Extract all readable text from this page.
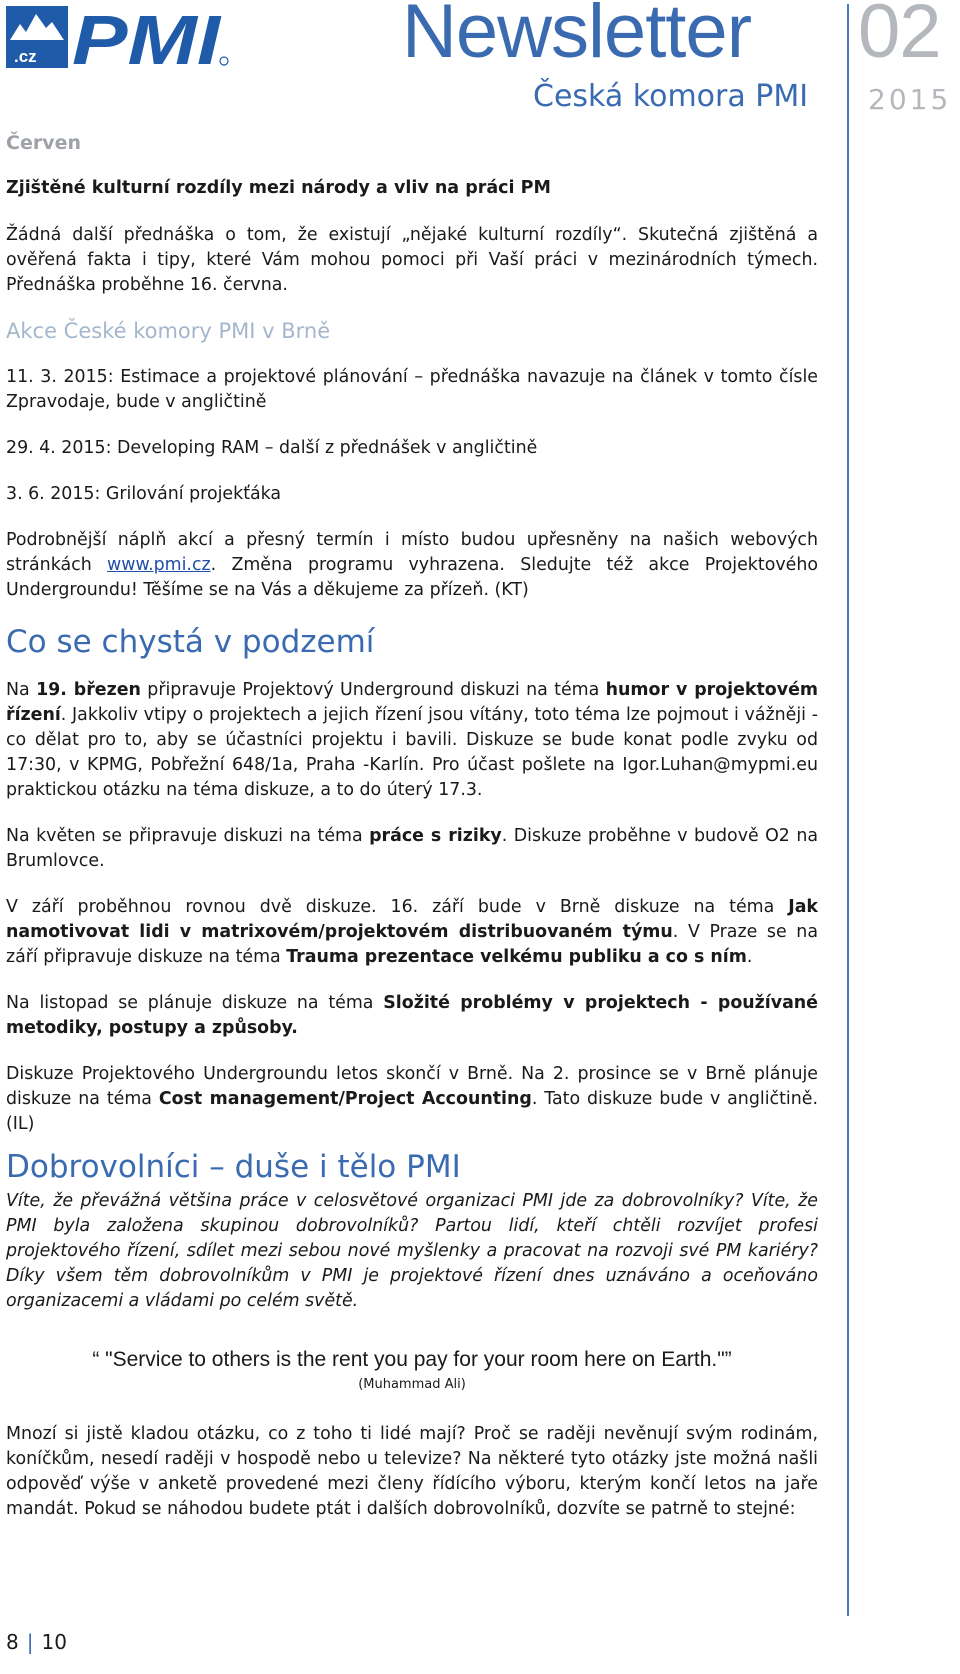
.cz PMI Newsletter 02
Česká komora PMI 2015
Červen
Zjištěné kulturní rozdíly mezi národy a vliv na práci PM

Žádná další přednáška o tom, že existují „nějaké kulturní rozdíly“. Skutečná zjištěná a ověřená fakta i tipy, které Vám mohou pomoci při Vaší práci v mezinárodních týmech. Přednáška proběhne 16. června.

Akce České komory PMI v Brně

11. 3. 2015: Estimace a projektové plánování – přednáška navazuje na článek v tomto čísle Zpravodaje, bude v angličtině

29. 4. 2015: Developing RAM – další z přednášek v angličtině

3. 6. 2015: Grilování projekťáka

Podrobnější náplň akcí a přesný termín i místo budou upřesněny na našich webových stránkách www.pmi.cz. Změna programu vyhrazena. Sledujte též akce Projektového Undergroundu! Těšíme se na Vás a děkujeme za přízeň. (KT)

Co se chystá v podzemí

Na 19. březen připravuje Projektový Underground diskuzi na téma humor v projektovém řízení. Jakkoliv vtipy o projektech a jejich řízení jsou vítány, toto téma lze pojmout i vážněji - co dělat pro to, aby se účastníci projektu i bavili. Diskuze se bude konat podle zvyku od 17:30, v KPMG, Pobřežní 648/1a, Praha -Karlín. Pro účast pošlete na Igor.Luhan@mypmi.eu praktickou otázku na téma diskuze, a to do úterý 17.3.

Na květen se připravuje diskuzi na téma práce s riziky. Diskuze proběhne v budově O2 na Brumlovce.

V září proběhnou rovnou dvě diskuze. 16. září bude v Brně diskuze na téma Jak namotivovat lidi v matrixovém/projektovém distribuovaném týmu. V Praze se na září připravuje diskuze na téma Trauma prezentace velkému publiku a co s ním.

Na listopad se plánuje diskuze na téma Složité problémy v projektech - používané metodiky, postupy a způsoby.

Diskuze Projektového Undergroundu letos skončí v Brně. Na 2. prosince se v Brně plánuje diskuze na téma Cost management/Project Accounting. Tato diskuze bude v angličtině. (IL)

Dobrovolníci – duše i tělo PMI

Víte, že převážná většina práce v celosvětové organizaci PMI jde za dobrovolníky? Víte, že PMI byla založena skupinou dobrovolníků? Partou lidí, kteří chtěli rozvíjet profesi projektového řízení, sdílet mezi sebou nové myšlenky a pracovat na rozvoji své PM kariéry? Díky všem těm dobrovolníkům v PMI je projektové řízení dnes uznáváno a oceňováno organizacemi a vládami po celém světě.

“ "Service to others is the rent you pay for your room here on Earth."”
(Muhammad Ali)

Mnozí si jistě kladou otázku, co z toho ti lidé mají? Proč se raději nevěnují svým rodinám, koníčkům, nesedí raději v hospodě nebo u televize? Na některé tyto otázky jste možná našli odpověď výše v anketě provedené mezi členy řídícího výboru, kterým končí letos na jaře mandát. Pokud se náhodou budete ptát i dalších dobrovolníků, dozvíte se patrně to stejné:

8 | 10
